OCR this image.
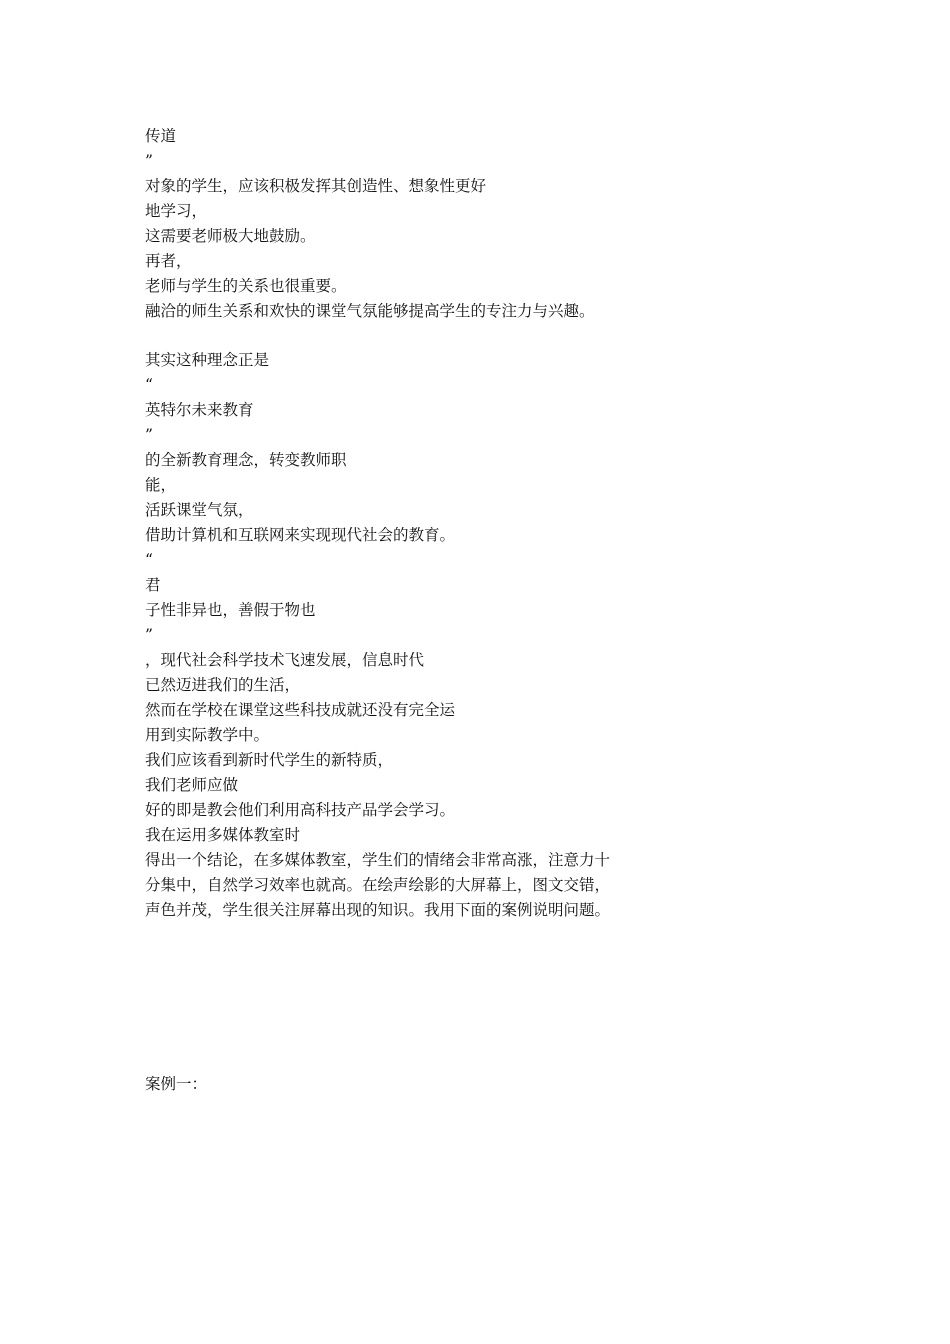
传道
”
对象的学生，应该积极发挥其创造性、想象性更好
地学习，
这需要老师极大地鼓励。
再者，
老师与学生的关系也很重要。
融洽的师生关系和欢快的课堂气氛能够提高学生的专注力与兴趣。
其实这种理念正是
“
英特尔未来教育
”
的全新教育理念，转变教师职
能，
活跃课堂气氛，
借助计算机和互联网来实现现代社会的教育。
“
君
子性非异也，善假于物也
”
，现代社会科学技术飞速发展，信息时代
已然迈进我们的生活，
然而在学校在课堂这些科技成就还没有完全运
用到实际教学中。
我们应该看到新时代学生的新特质，
我们老师应做
好的即是教会他们利用高科技产品学会学习。
我在运用多媒体教室时
得出一个结论，在多媒体教室，学生们的情绪会非常高涨，注意力十
分集中，自然学习效率也就高。在绘声绘影的大屏幕上，图文交错，
声色并茂，学生很关注屏幕出现的知识。我用下面的案例说明问题。
案例一：
